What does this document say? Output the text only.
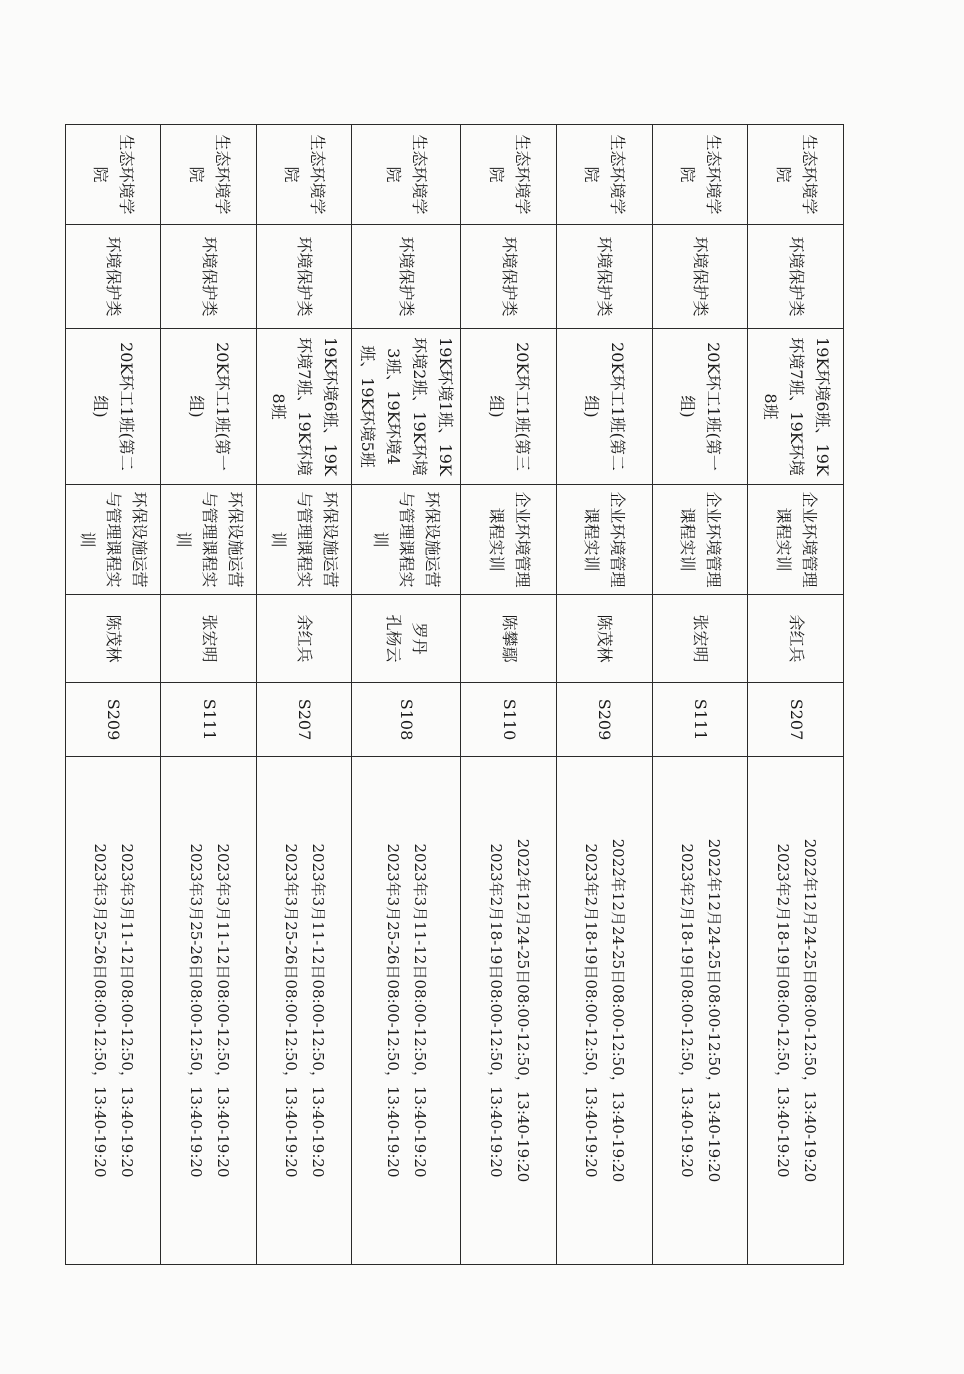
生态环境学院	环境保护类	19K环境6班、19K环境7班、19K环境8班	企业环境管理课程实训	余红兵	S207	2022年12月24-25日08:00-12:50，13:40-19:20
2023年2月18-19日08:00-12:50，13:40-19:20

生态环境学院	环境保护类	20K环工1班(第一组)	企业环境管理课程实训	张宏明	S111	2022年12月24-25日08:00-12:50，13:40-19:20
2023年2月18-19日08:00-12:50，13:40-19:20

生态环境学院	环境保护类	20K环工1班(第二组)	企业环境管理课程实训	陈茂林	S209	2022年12月24-25日08:00-12:50，13:40-19:20
2023年2月18-19日08:00-12:50，13:40-19:20

生态环境学院	环境保护类	20K环工1班(第三组)	企业环境管理课程实训	陈攀鄢	S110	2022年12月24-25日08:00-12:50，13:40-19:20
2023年2月18-19日08:00-12:50，13:40-19:20

生态环境学院	环境保护类	19K环境1班、19K环境2班、19K环境3班、19K环境4班、19K环境5班	环保设施运营与管理课程实训	罗丹
孔杨云	S108	2023年3月11-12日08:00-12:50，13:40-19:20
2023年3月25-26日08:00-12:50，13:40-19:20

生态环境学院	环境保护类	19K环境6班、19K环境7班、19K环境8班	环保设施运营与管理课程实训	余红兵	S207	2023年3月11-12日08:00-12:50，13:40-19:20
2023年3月25-26日08:00-12:50，13:40-19:20

生态环境学院	环境保护类	20K环工1班(第一组)	环保设施运营与管理课程实训	张宏明	S111	2023年3月11-12日08:00-12:50，13:40-19:20
2023年3月25-26日08:00-12:50，13:40-19:20

生态环境学院	环境保护类	20K环工1班(第二组)	环保设施运营与管理课程实训	陈茂林	S209	2023年3月11-12日08:00-12:50，13:40-19:20
2023年3月25-26日08:00-12:50，13:40-19:20
